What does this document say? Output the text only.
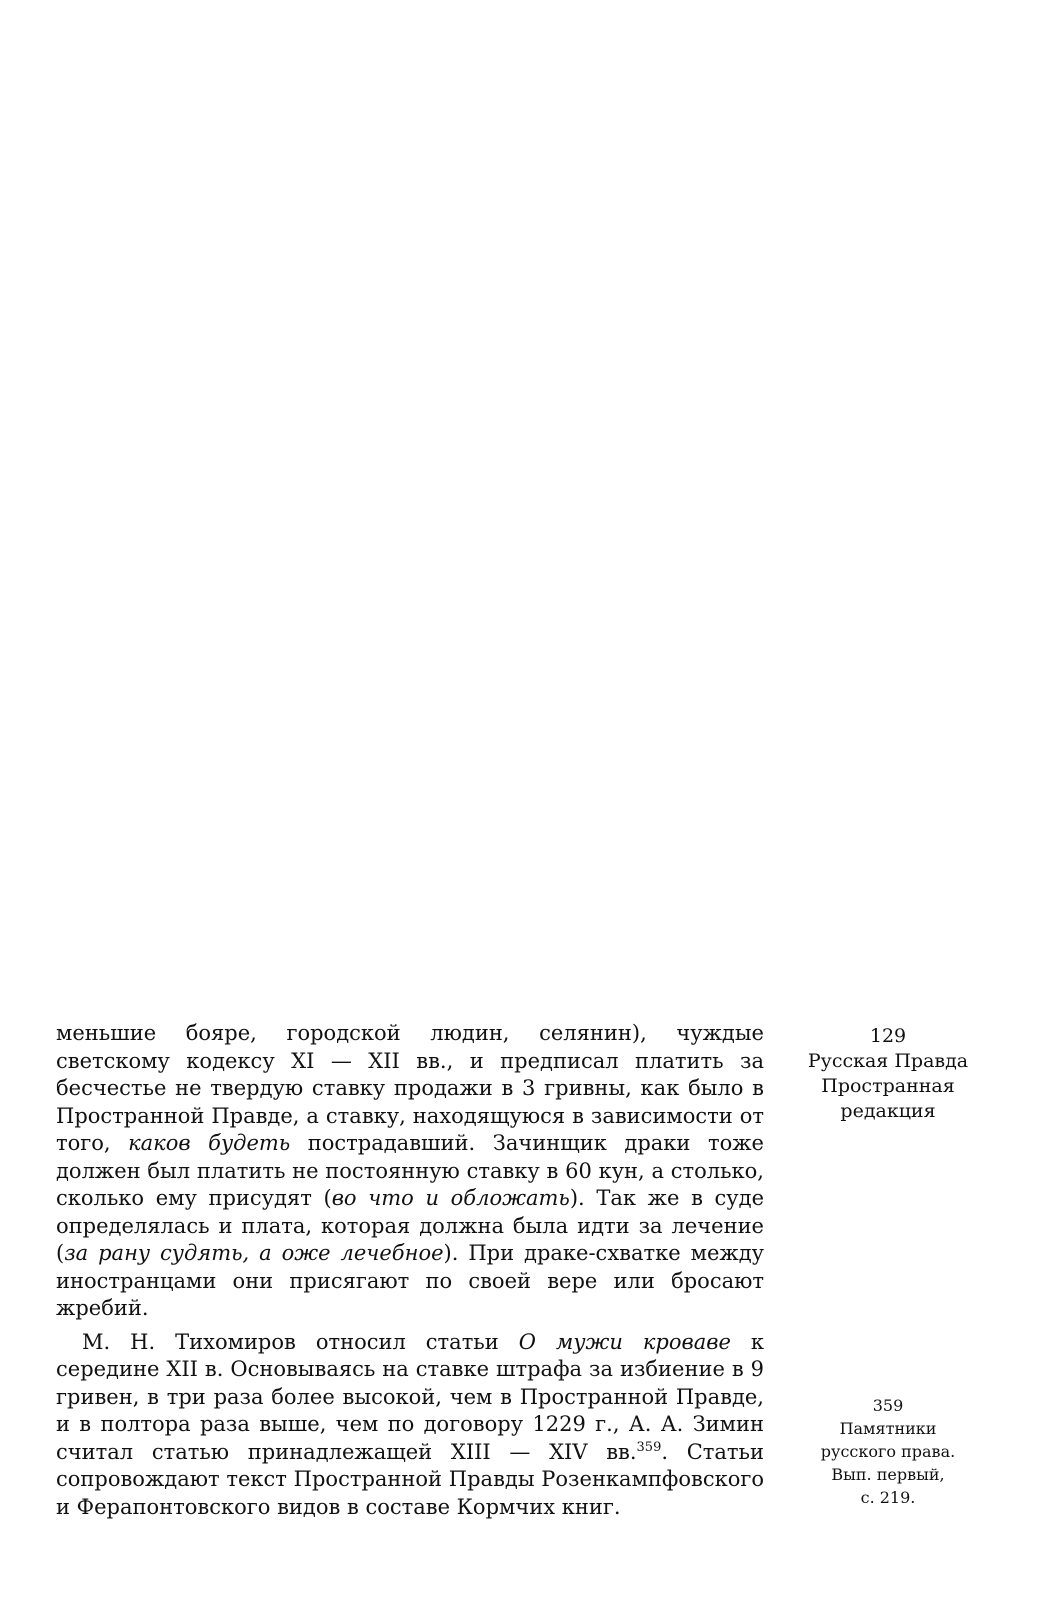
меньшие бояре, городской людин, селянин), чуждые светскому кодексу XI — XII вв., и предписал платить за бесчестье не твердую ставку продажи в 3 гривны, как было в Пространной Правде, а ставку, находящуюся в зависимости от того, каков будеть пострадавший. Зачинщик драки тоже должен был платить не постоянную ставку в 60 кун, а столько, сколько ему присудят (во что и обложать). Так же в суде определялась и плата, которая должна была идти за лечение (за рану судять, а оже лечебное). При драке-схватке между иностранцами они присягают по своей вере или бросают жребий.

М. Н. Тихомиров относил статьи О мужи кровавe к середине XII в. Основываясь на ставке штрафа за избиение в 9 гривен, в три раза более высокой, чем в Пространной Правде, и в полтора раза выше, чем по договору 1229 г., А. А. Зимин считал статью принадлежащей XIII — XIV вв.$^{359}$. Статьи сопровождают текст Пространной Правды Розенкампфовского и Ферапонтовского видов в составе Кормчих книг.

129
Русская Правда
Пространная
редакция
359
Памятники
русского права.
Вып. первый,
с. 219.
